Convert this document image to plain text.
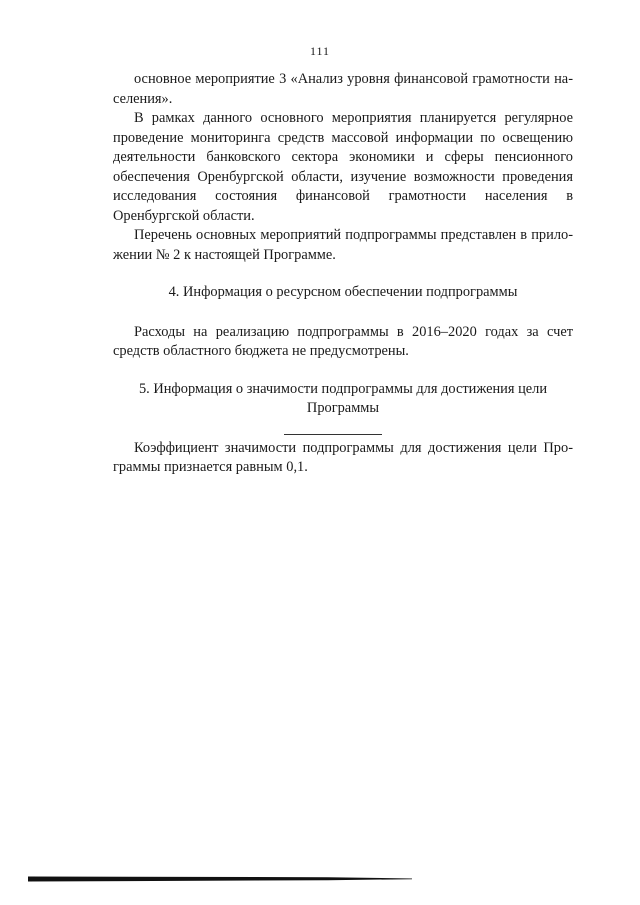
111

основное мероприятие 3 «Анализ уровня финансовой грамотности населения».

В рамках данного основного мероприятия планируется регулярное проведение мониторинга средств массовой информации по освещению деятельности банковского сектора экономики и сферы пенсионного обеспечения Оренбургской области, изучение возможности проведения исследования состояния финансовой грамотности населения в Оренбургской области.

Перечень основных мероприятий подпрограммы представлен в приложении № 2 к настоящей Программе.

4. Информация о ресурсном обеспечении подпрограммы

Расходы на реализацию подпрограммы в 2016–2020 годах за счет средств областного бюджета не предусмотрены.

5. Информация о значимости подпрограммы для достижения цели

Программы

Коэффициент значимости подпрограммы для достижения цели Программы признается равным 0,1.
